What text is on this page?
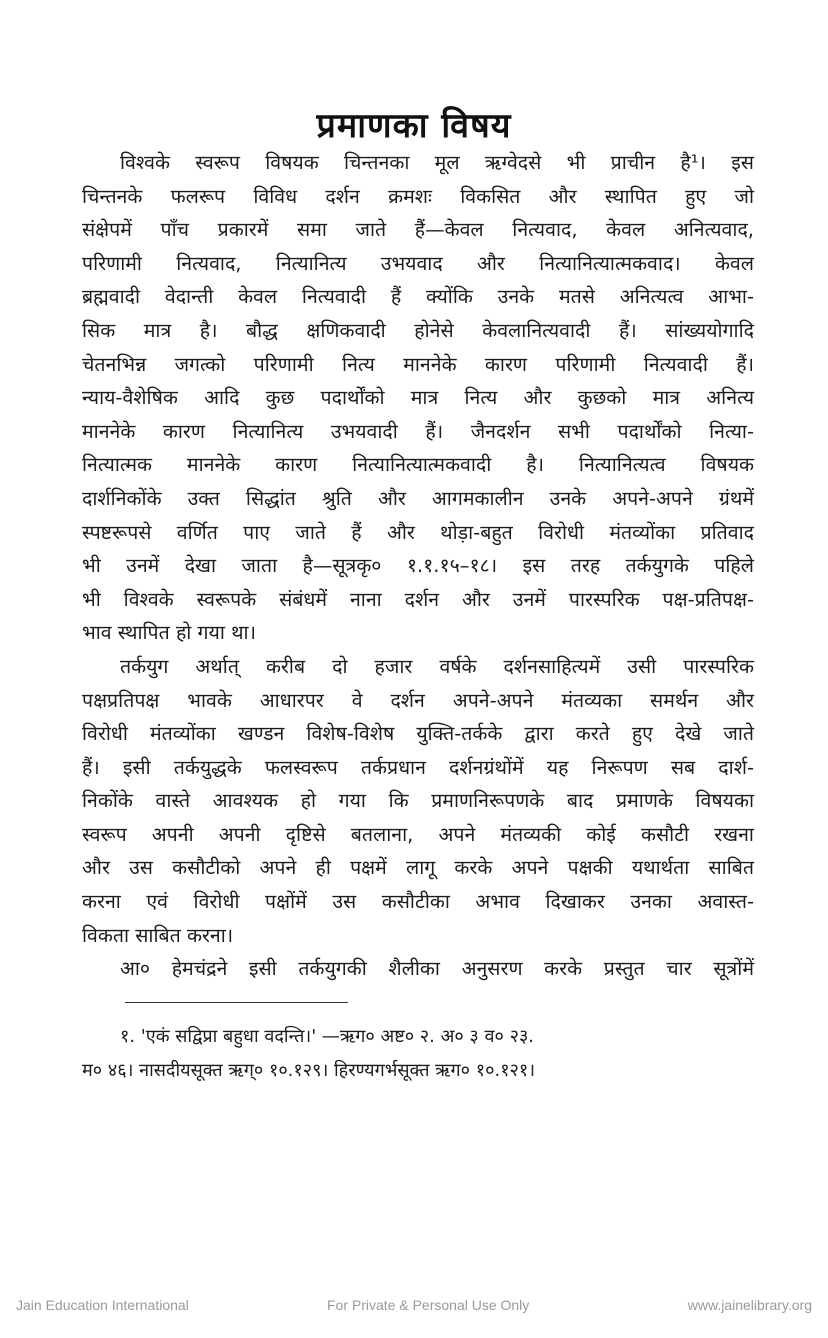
प्रमाणका विषय
विश्वके स्वरूप विषयक चिन्तनका मूल ऋग्वेदसे भी प्राचीन है¹। इस
चिन्तनके फलरूप विविध दर्शन क्रमशः विकसित और स्थापित हुए जो
संक्षेपमें पाँच प्रकारमें समा जाते हैं—केवल नित्यवाद, केवल अनित्यवाद,
परिणामी नित्यवाद, नित्यानित्य उभयवाद और नित्यानित्यात्मकवाद। केवल
ब्रह्मवादी वेदान्ती केवल नित्यवादी हैं क्योंकि उनके मतसे अनित्यत्व आभा-
सिक मात्र है। बौद्ध क्षणिकवादी होनेसे केवलानित्यवादी हैं। सांख्ययोगादि
चेतनभिन्न जगत्को परिणामी नित्य माननेके कारण परिणामी नित्यवादी हैं।
न्याय-वैशेषिक आदि कुछ पदार्थोंको मात्र नित्य और कुछको मात्र अनित्य
माननेके कारण नित्यानित्य उभयवादी हैं। जैनदर्शन सभी पदार्थोंको नित्या-
नित्यात्मक माननेके कारण नित्यानित्यात्मकवादी है। नित्यानित्यत्व विषयक
दार्शनिकोंके उक्त सिद्धांत श्रुति और आगमकालीन उनके अपने-अपने ग्रंथमें
स्पष्टरूपसे वर्णित पाए जाते हैं और थोड़ा-बहुत विरोधी मंतव्योंका प्रतिवाद
भी उनमें देखा जाता है—सूत्रकृ० १.१.१५–१८। इस तरह तर्कयुगके पहिले
भी विश्वके स्वरूपके संबंधमें नाना दर्शन और उनमें पारस्परिक पक्ष-प्रतिपक्ष-
भाव स्थापित हो गया था।
तर्कयुग अर्थात् करीब दो हजार वर्षके दर्शनसाहित्यमें उसी पारस्परिक
पक्षप्रतिपक्ष भावके आधारपर वे दर्शन अपने-अपने मंतव्यका समर्थन और
विरोधी मंतव्योंका खण्डन विशेष-विशेष युक्ति-तर्कके द्वारा करते हुए देखे जाते
हैं। इसी तर्कयुद्धके फलस्वरूप तर्कप्रधान दर्शनग्रंथोंमें यह निरूपण सब दार्श-
निकोंके वास्ते आवश्यक हो गया कि प्रमाणनिरूपणके बाद प्रमाणके विषयका
स्वरूप अपनी अपनी दृष्टिसे बतलाना, अपने मंतव्यकी कोई कसौटी रखना
और उस कसौटीको अपने ही पक्षमें लागू करके अपने पक्षकी यथार्थता साबित
करना एवं विरोधी पक्षोंमें उस कसौटीका अभाव दिखाकर उनका अवास्त-
विकता साबित करना।
आ० हेमचंद्रने इसी तर्कयुगकी शैलीका अनुसरण करके प्रस्तुत चार सूत्रोंमें
१. 'एकं सद्विप्रा बहुधा वदन्ति।' —ऋग० अष्ट० २. अ० ३ व० २३.
म० ४६। नासदीयसूक्त ऋग्० १०.१२९। हिरण्यगर्भसूक्त ऋग० १०.१२१।
Jain Education International	For Private & Personal Use Only	www.jainelibrary.org
